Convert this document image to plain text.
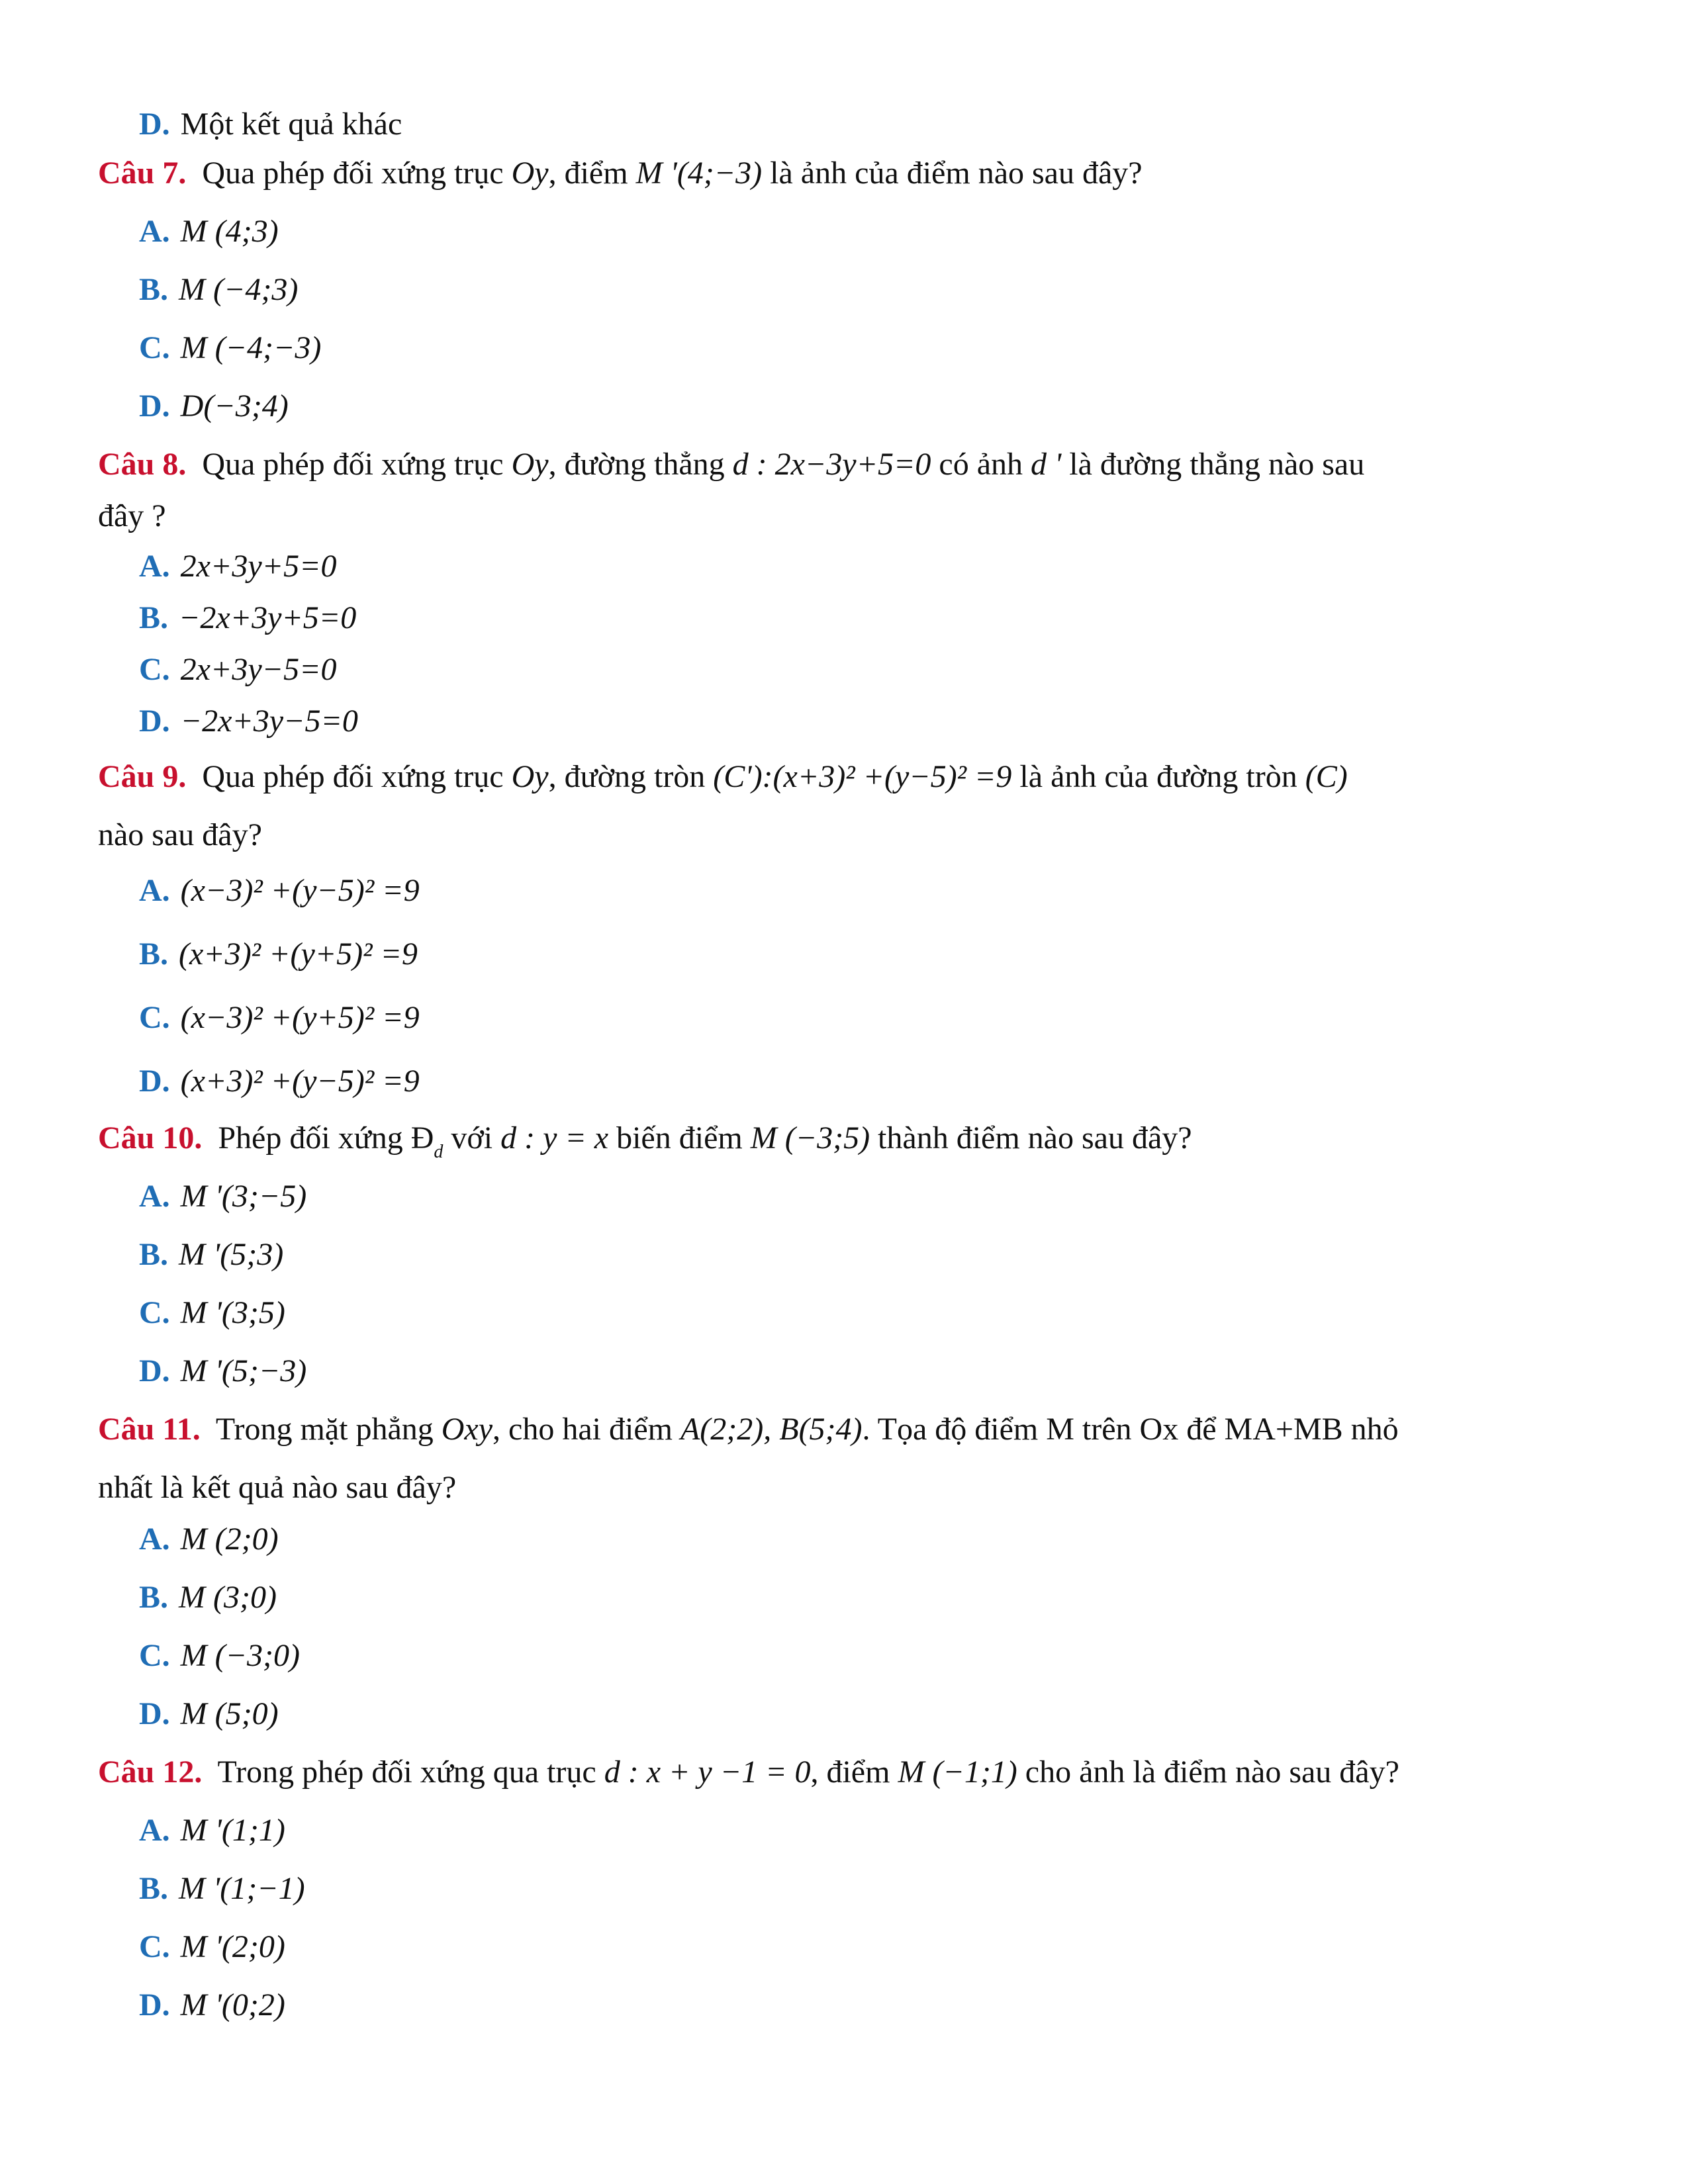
D. Một kết quả khác
Câu 7. Qua phép đối xứng trục Oy, điểm M '(4;−3) là ảnh của điểm nào sau đây?
A. M (4;3)
B. M (−4;3)
C. M (−4;−3)
D. D(−3;4)
Câu 8. Qua phép đối xứng trục Oy, đường thẳng d : 2x−3y+5=0 có ảnh d ' là đường thẳng nào sau
đây ?
A. 2x+3y+5=0
B. −2x+3y+5=0
C. 2x+3y−5=0
D. −2x+3y−5=0
Câu 9. Qua phép đối xứng trục Oy, đường tròn (C'):(x+3)² +(y−5)² =9 là ảnh của đường tròn (C)
nào sau đây?
A. (x−3)² +(y−5)² =9
B. (x+3)² +(y+5)² =9
C. (x−3)² +(y+5)² =9
D. (x+3)² +(y−5)² =9
Câu 10. Phép đối xứng $Đ_d$ với d : y = x biến điểm M (−3;5) thành điểm nào sau đây?
A. M '(3;−5)
B. M '(5;3)
C. M '(3;5)
D. M '(5;−3)
Câu 11. Trong mặt phẳng Oxy, cho hai điểm A(2;2), B(5;4). Tọa độ điểm M trên Ox để MA+MB nhỏ
nhất là kết quả nào sau đây?
A. M (2;0)
B. M (3;0)
C. M (−3;0)
D. M (5;0)
Câu 12. Trong phép đối xứng qua trục d : x + y −1 = 0, điểm M (−1;1) cho ảnh là điểm nào sau đây?
A. M '(1;1)
B. M '(1;−1)
C. M '(2;0)
D. M '(0;2)
